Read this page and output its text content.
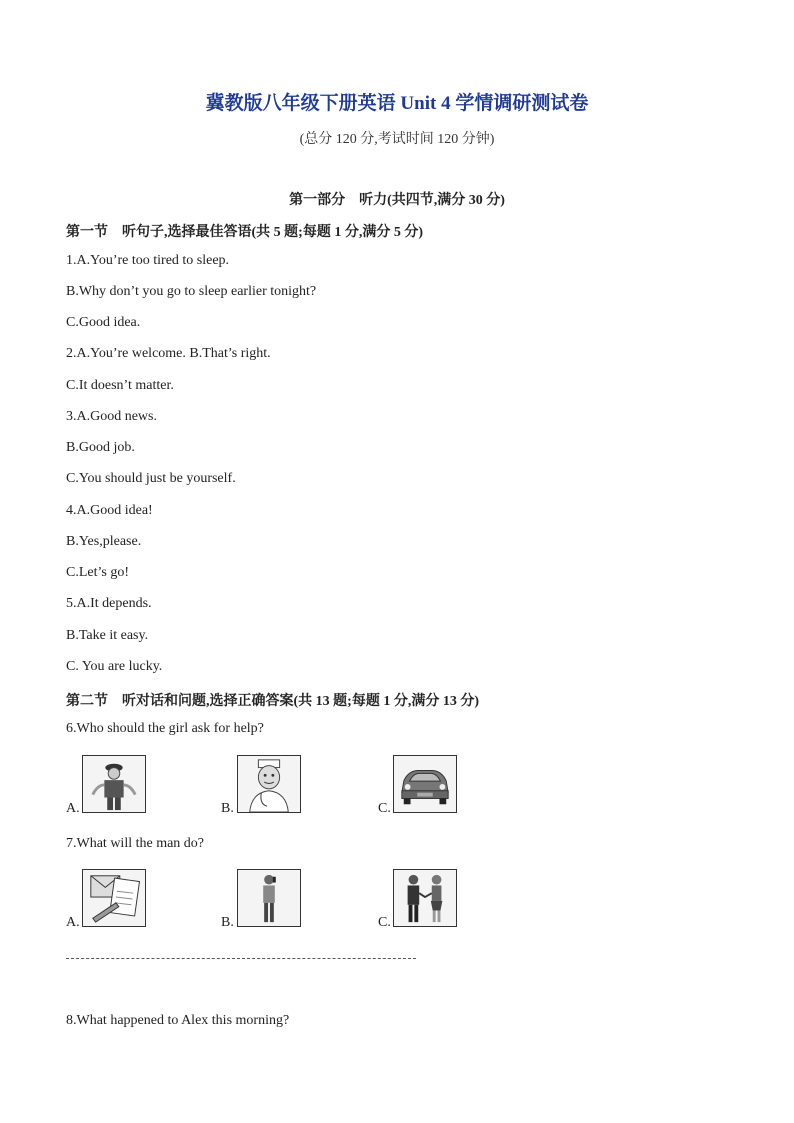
冀教版八年级下册英语 Unit 4 学情调研测试卷
(总分 120 分,考试时间 120 分钟)
第一部分　听力(共四节,满分 30 分)
第一节　听句子,选择最佳答语(共 5 题;每题 1 分,满分 5 分)
1.A.You’re too tired to sleep.
B.Why don’t you go to sleep earlier tonight?
C.Good idea.
2.A.You’re welcome. B.That’s right.
C.It doesn’t matter.
3.A.Good news.
B.Good job.
C.You should just be yourself.
4.A.Good idea!
B.Yes,please.
C.Let’s go!
5.A.It depends.
B.Take it easy.
C. You are lucky.
第二节　听对话和问题,选择正确答案(共 13 题;每题 1 分,满分 13 分)
6.Who should the girl ask for help?
A.	B.	C.
7.What will the man do?
A.	B.	C.
8.What happened to Alex this morning?
